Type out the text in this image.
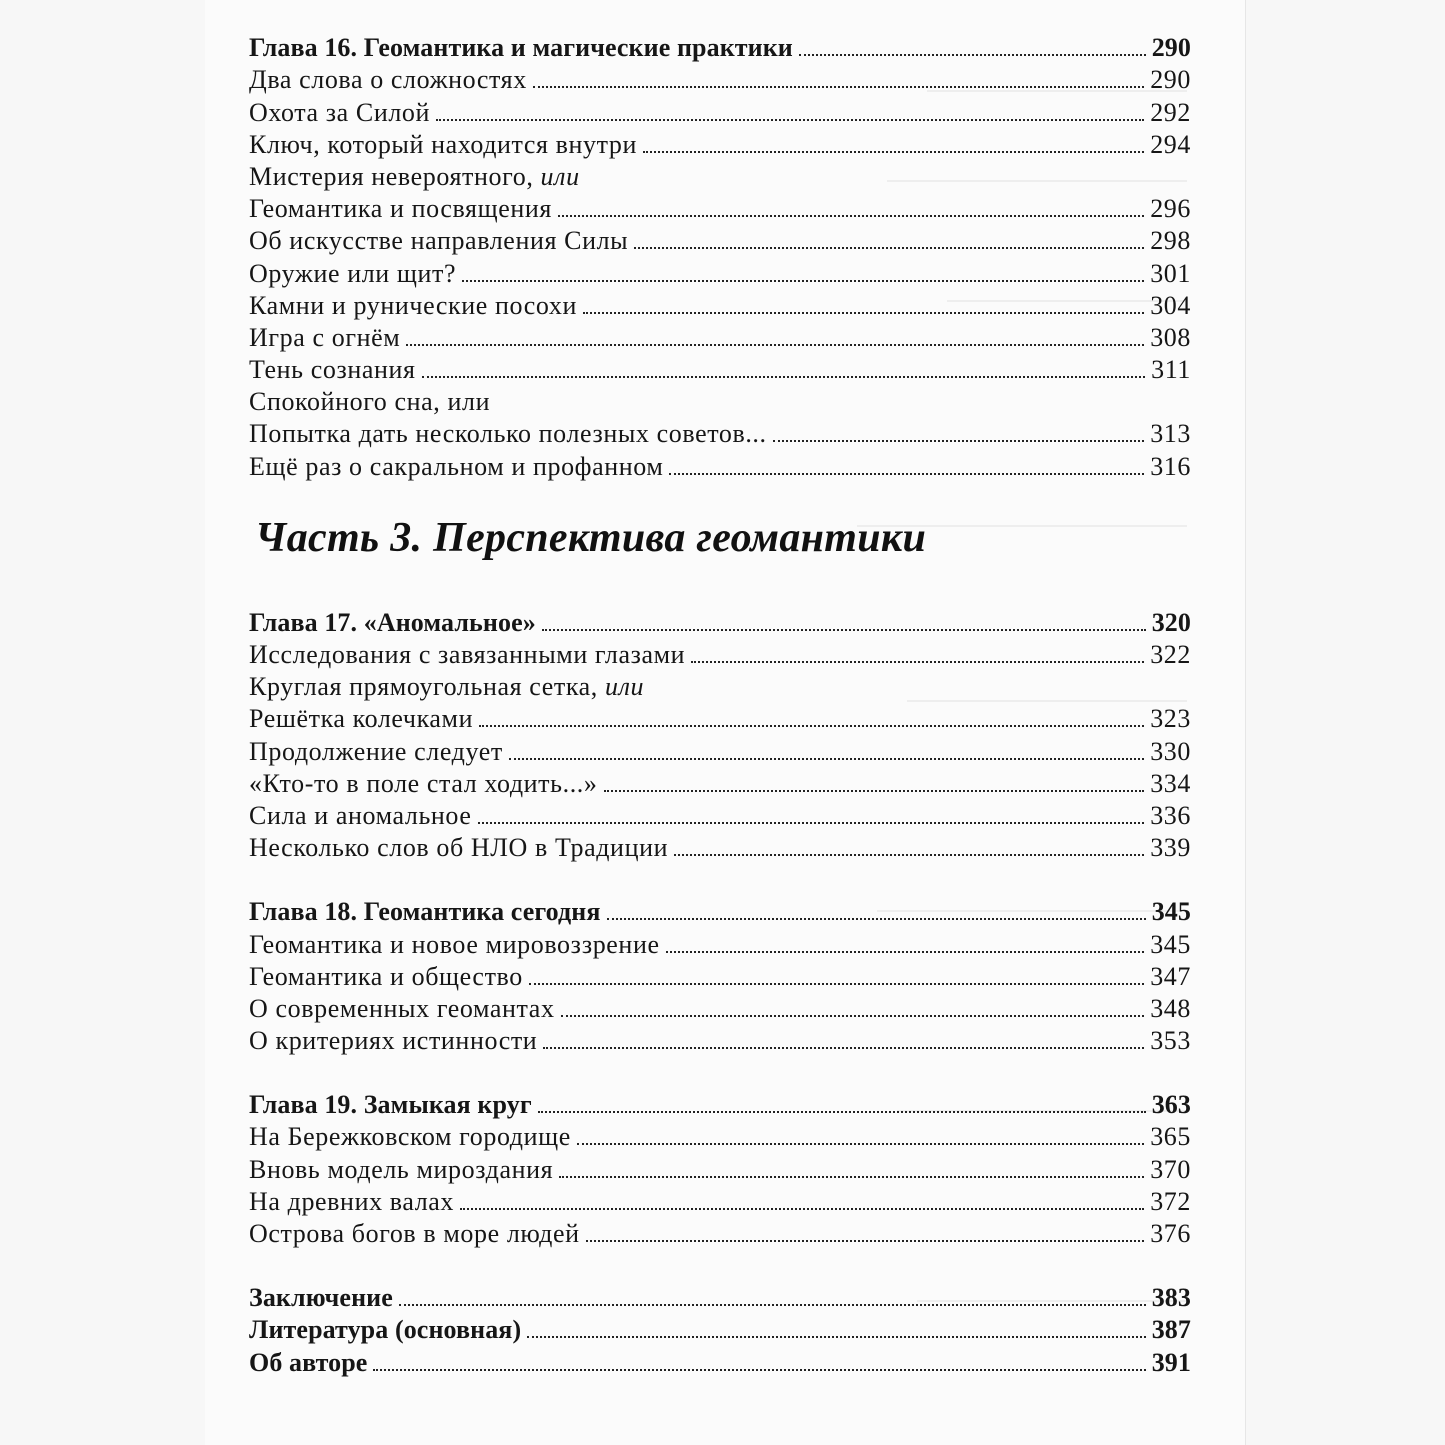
Глава 16. Геомантика и магические практики	290
Два слова о сложностях	290
Охота за Силой	292
Ключ, который находится внутри	294
Мистерия невероятного, или
Геомантика и посвящения	296
Об искусстве направления Силы	298
Оружие или щит?	301
Камни и рунические посохи	304
Игра с огнём	308
Тень сознания	311
Спокойного сна, или
Попытка дать несколько полезных советов...	313
Ещё раз о сакральном и профанном	316
Часть 3. Перспектива геомантики
Глава 17. «Аномальное»	320
Исследования с завязанными глазами	322
Круглая прямоугольная сетка, или
Решётка колечками	323
Продолжение следует	330
«Кто-то в поле стал ходить...»	334
Сила и аномальное	336
Несколько слов об НЛО в Традиции	339
Глава 18. Геомантика сегодня	345
Геомантика и новое мировоззрение	345
Геомантика и общество	347
О современных геомантах	348
О критериях истинности	353
Глава 19. Замыкая круг	363
На Бережковском городище	365
Вновь модель мироздания	370
На древних валах	372
Острова богов в море людей	376
Заключение	383
Литература (основная)	387
Об авторе	391
